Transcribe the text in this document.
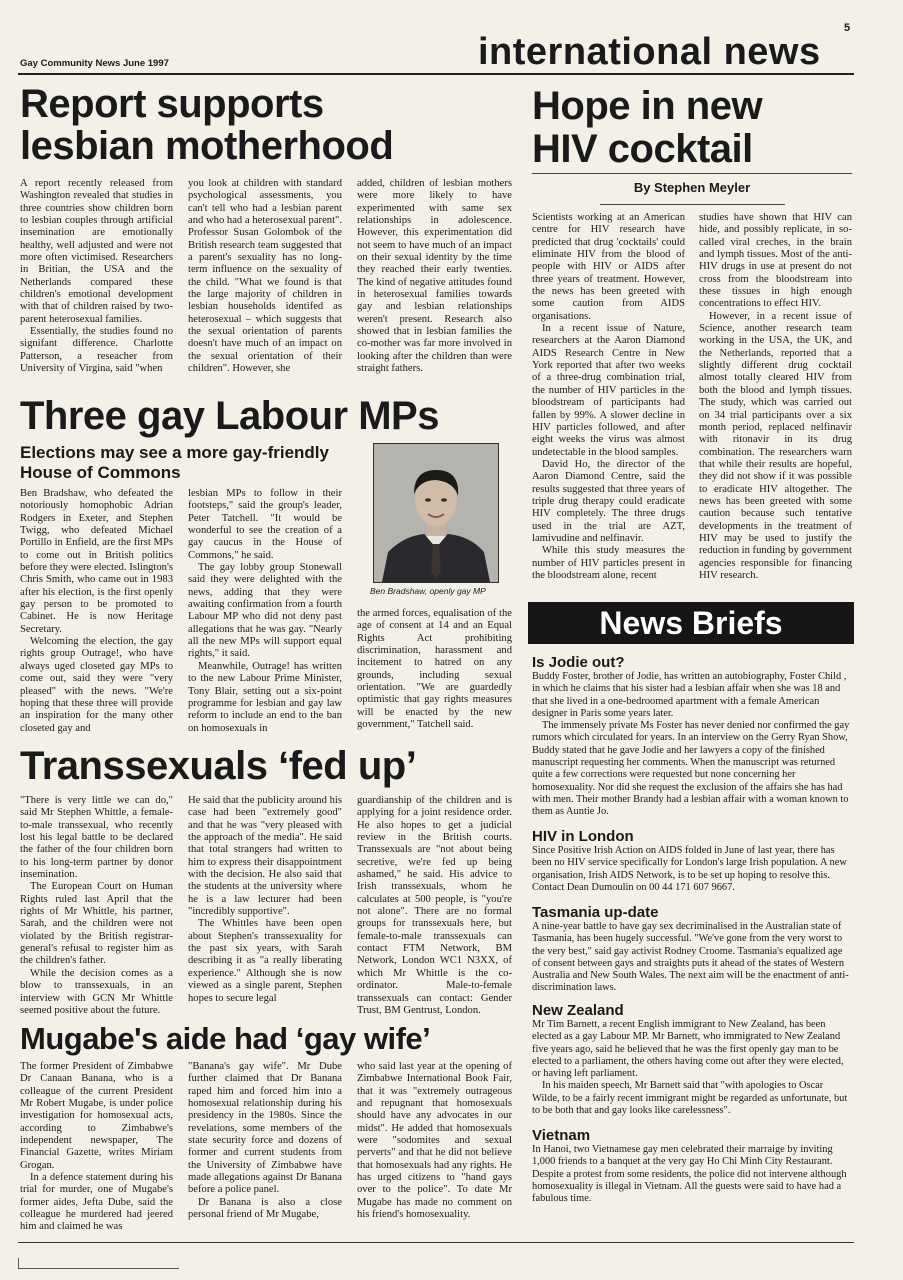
5
Gay Community News June 1997	international news
Report supports
lesbian motherhood

A report recently released from Washington revealed that studies in three countries show children born to lesbian couples through artificial insemination are emotionally healthy, well adjusted and were not more often victimised. Researchers in Britian, the USA and the Netherlands compared these children's emotional development with that of children raised by two-parent heterosexual families.

Essentially, the studies found no signifant difference. Charlotte Patterson, a reseacher from University of Virgina, said "when

you look at children with standard psychological assessments, you can't tell who had a lesbian parent and who had a heterosexual parent". Professor Susan Golombok of the British research team suggested that a parent's sexuality has no long-term influence on the sexuality of the child. "What we found is that the large majority of children in lesbian households identifed as heterosexual – which suggests that the sexual orientation of parents doesn't have much of an impact on the sexual orientation of their children". However, she

added, children of lesbian mothers were more likely to have experimented with same sex relationships in adolescence. However, this experimentation did not seem to have much of an impact on their sexual identity by the time they reached their early twenties. The kind of negative attitudes found in heterosexual families towards gay and lesbian relationships weren't present. Research also showed that in lesbian families the co-mother was far more involved in looking after the children than were straight fathers.

Three gay Labour MPs
Elections may see a more gay-friendly House of Commons

Ben Bradshaw, who defeated the notoriously homophobic Adrian Rodgers in Exeter, and Stephen Twigg, who defeated Michael Portillo in Enfield, are the first MPs to come out in British politics before they were elected. Islington's Chris Smith, who came out in 1983 after his election, is the first openly gay person to be promoted to Cabinet. He is now Heritage Secretary.

Welcoming the election, the gay rights group Outrage!, who have always uged closeted gay MPs to come out, said they were "very pleased" with the news. "We're hoping that these three will provide an inspiration for the many other closeted gay and

lesbian MPs to follow in their footsteps," said the group's leader, Peter Tatchell. "It would be wonderful to see the creation of a gay caucus in the House of Commons," he said.

The gay lobby group Stonewall said they were delighted with the news, adding that they were awaiting confirmation from a fourth Labour MP who did not deny past allegations that he was gay. "Nearly all the new MPs will support equal rights," it said.

Meanwhile, Outrage! has written to the new Labour Prime Minister, Tony Blair, setting out a six-point programme for lesbian and gay law reform to include an end to the ban on homosexuals in

Ben Bradshaw, openly gay MP

the armed forces, equalisation of the age of consent at 14 and an Equal Rights Act prohibiting discrimination, harassment and incitement to hatred on any grounds, including sexual orientation. "We are guardedly optimistic that gay rights measures will be enacted by the new government," Tatchell said.

Transsexuals ‘fed up’

"There is very little we can do," said Mr Stephen Whittle, a female-to-male transsexual, who recently lost his legal battle to be declared the father of the four children born to his long-term partner by donor insemination.

The European Court on Human Rights ruled last April that the rights of Mr Whittle, his partner, Sarah, and the children were not violated by the British registrar-general's refusal to register him as the children's father.

While the decision comes as a blow to transsexuals, in an interview with GCN Mr Whittle seemed positive about the future.

He said that the publicity around his case had been "extremely good" and that he was "very pleased with the approach of the media". He said that total strangers had written to him to express their disappointment with the decision. He also said that the students at the university where he is a law lecturer had been "incredibly supportive".

The Whittles have been open about Stephen's transsexuality for the past six years, with Sarah describing it as "a really liberating experience." Although she is now viewed as a single parent, Stephen hopes to secure legal

guardianship of the children and is applying for a joint residence order. He also hopes to get a judicial review in the British courts. Transsexuals are "not about being secretive, we're fed up being ashamed," he said. His advice to Irish transsexuals, whom he calculates at 500 people, is "you're not alone". There are no formal groups for transsexuals here, but female-to-male transsexuals can contact FTM Network, BM Network, London WC1 N3XX, of which Mr Whittle is the co-ordinator. Male-to-female transsexuals can contact: Gender Trust, BM Gentrust, London.

Mugabe's aide had ‘gay wife’

The former President of Zimbabwe Dr Canaan Banana, who is a colleague of the current President Mr Robert Mugabe, is under police investigation for homosexual acts, according to Zimbabwe's independent newspaper, The Financial Gazette, writes Miriam Grogan.

In a defence statement during his trial for murder, one of Mugabe's former aides, Jefta Dube, said the colleague he murdered had jeered him and claimed he was

"Banana's gay wife". Mr Dube further claimed that Dr Banana raped him and forced him into a homosexual relationship during his presidency in the 1980s. Since the revelations, some members of the state security force and dozens of former and current students from the University of Zimbabwe have made allegations against Dr Banana before a police panel.

Dr Banana is also a close personal friend of Mr Mugabe,

who said last year at the opening of Zimbabwe International Book Fair, that it was "extremely outrageous and repugnant that homosexuals should have any advocates in our midst". He added that homosexuals were "sodomites and sexual perverts" and that he did not believe that homosexuals had any rights. He has urged citizens to "hand gays over to the police". To date Mr Mugabe has made no comment on his friend's homosexuality.

Hope in new
HIV cocktail
By Stephen Meyler

Scientists working at an American centre for HIV research have predicted that drug 'cocktails' could eliminate HIV from the blood of people with HIV or AIDS after three years of treatment. However, the news has been greeted with some caution from AIDS organisations.

In a recent issue of Nature, researchers at the Aaron Diamond AIDS Research Centre in New York reported that after two weeks of a three-drug combination trial, the number of HIV particles in the bloodstream of participants had fallen by 99%. A slower decline in HIV particles followed, and after eight weeks the virus was almost undetectable in the blood samples.

David Ho, the director of the Aaron Diamond Centre, said the results suggested that three years of triple drug therapy could eradicate HIV completely. The three drugs used in the trial are AZT, lamivudine and nelfinavir.

While this study measures the number of HIV particles present in the bloodstream alone, recent

studies have shown that HIV can hide, and possibly replicate, in so-called viral creches, in the brain and lymph tissues. Most of the anti-HIV drugs in use at present do not cross from the bloodstream into these tissues in high enough concentrations to effect HIV.

However, in a recent issue of Science, another research team working in the USA, the UK, and the Netherlands, reported that a slightly different drug cocktail almost totally cleared HIV from both the blood and lymph tissues. The study, which was carried out on 34 trial participants over a six month period, replaced nelfinavir with ritonavir in its drug combination. The researchers warn that while their results are hopeful, they did not show if it was possible to eradicate HIV altogether. The news has been greeted with some caution because such tentative developments in the treatment of HIV may be used to justify the reduction in funding by government agencies responsible for financing HIV research.

News Briefs
Is Jodie out?

Buddy Foster, brother of Jodie, has written an autobiography, Foster Child , in which he claims that his sister had a lesbian affair when she was 18 and that she lived in a one-bedroomed apartment with a female American designer in Paris some years later.

The immensely private Ms Foster has never denied nor confirmed the gay rumors which circulated for years. In an interview on the Gerry Ryan Show, Buddy stated that he gave Jodie and her lawyers a copy of the finished manuscript requesting her comments. When the manuscript was returned quite a few corrections were requested but none concerning her homosexuality. Nor did she request the exclusion of the affairs she has had with men. Their mother Brandy had a lesbian affair with a woman known to them as Auntie Jo.

HIV in London

Since Positive Irish Action on AIDS folded in June of last year, there has been no HIV service specifically for London's large Irish population. A new organisation, Irish AIDS Network, is to be set up hoping to resolve this. Contact Dean Dumoulin on 00 44 171 607 9667.

Tasmania up-date

A nine-year battle to have gay sex decriminalised in the Australian state of Tasmania, has been hugely successful. "We've gone from the very worst to the very best," said gay activist Rodney Croome. Tasmania's equalized age of consent between gays and straights puts it ahead of the states of Western Australia and New South Wales. The next aim will be the enactment of anti-discrimination laws.

New Zealand

Mr Tim Barnett, a recent English immigrant to New Zealand, has been elected as a gay Labour MP. Mr Barnett, who immigrated to New Zealand five years ago, said he believed that he was the first openly gay man to be elected to a parliament, the others having come out after they were elected, or having left parliament.

In his maiden speech, Mr Barnett said that "with apologies to Oscar Wilde, to be a fairly recent immigrant might be regarded as unfortunate, but to be both that and gay looks like carelessness".

Vietnam

In Hanoi, two Vietnamese gay men celebrated their marraige by inviting 1,000 friends to a banquet at the very gay Ho Chi Minh City Restaurant. Despite a protest from some residents, the police did not intervene although homosexuality is illegal in Vietnam. All the guests were said to have had a fabulous time.
